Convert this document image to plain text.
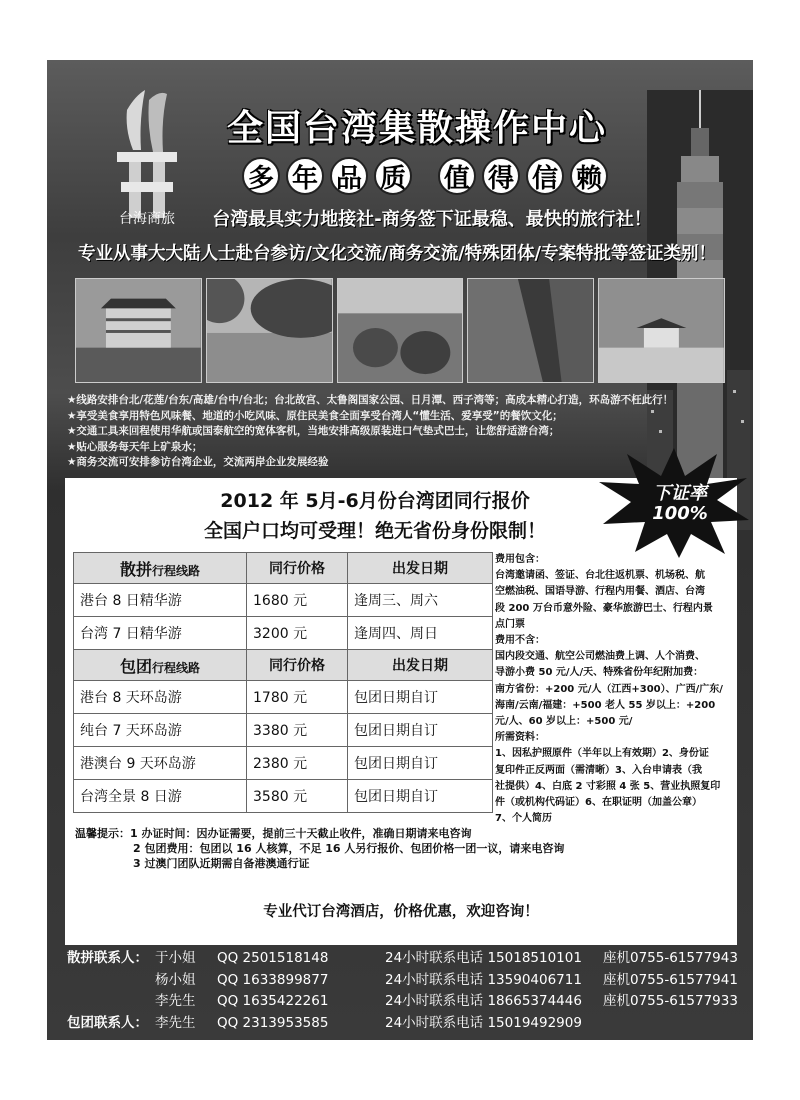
台海商旅
全国台湾集散操作中心
多 年 品 质 值 得 信 赖
台湾最具实力地接社-商务签下证最稳、最快的旅行社！
专业从事大大陆人士赴台参访/文化交流/商务交流/特殊团体/专案特批等签证类别！
★线路安排台北/花莲/台东/高雄/台中/台北；台北故宫、太鲁阁国家公园、日月潭、西子湾等；高成本精心打造，环岛游不枉此行！
★享受美食享用特色风味餐、地道的小吃风味、原住民美食全面享受台湾人“懂生活、爱享受”的餐饮文化；
★交通工具来回程使用华航或国泰航空的宽体客机，当地安排高级原装进口气垫式巴士，让您舒适游台湾；
★贴心服务每天年上矿泉水；
★商务交流可安排参访台湾企业，交流两岸企业发展经验
2012 年 5月-6月份台湾团同行报价
全国户口均可受理！绝无省份身份限制！
散拼行程线路	同行价格	出发日期
港台 8 日精华游	1680 元	逢周三、周六
台湾 7 日精华游	3200 元	逢周四、周日
包团行程线路	同行价格	出发日期
港台 8 天环岛游	1780 元	包团日期自订
纯台 7 天环岛游	3380 元	包团日期自订
港澳台 9 天环岛游	2380 元	包团日期自订
台湾全景 8 日游	3580 元	包团日期自订
费用包含：
台湾邀请函、签证、台北往返机票、机场税、航
空燃油税、国语导游、行程内用餐、酒店、台湾
段 200 万台币意外险、豪华旅游巴士、行程内景
点门票
费用不含：
国内段交通、航空公司燃油费上调、人个消费、
导游小费 50 元/人/天、特殊省份年纪附加费：
南方省份：+200 元/人（江西+300）、广西/广东/
海南/云南/福建：+500 老人 55 岁以上：+200
元/人、60 岁以上：+500 元/
所需资料：
1、因私护照原件（半年以上有效期）2、身份证
复印件正反两面（需清晰）3、入台申请表（我
社提供）4、白底 2 寸彩照 4 张 5、营业执照复印
件（或机构代码证）6、在职证明（加盖公章）
7、个人简历
温馨提示：1 办证时间：因办证需要，提前三十天截止收件，准确日期请来电咨询
2 包团费用：包团以 16 人核算，不足 16 人另行报价、包团价格一团一议，请来电咨询
3 过澳门团队近期需自备港澳通行证
专业代订台湾酒店，价格优惠，欢迎咨询！
下证率
100%
散拼联系人： 于小姐	QQ 2501518148	24小时联系电话 15018510101	座机0755-61577943
杨小姐	QQ 1633899877	24小时联系电话 13590406711	座机0755-61577941
李先生	QQ 1635422261	24小时联系电话 18665374446	座机0755-61577933
包团联系人： 李先生	QQ 2313953585	24小时联系电话 15019492909
